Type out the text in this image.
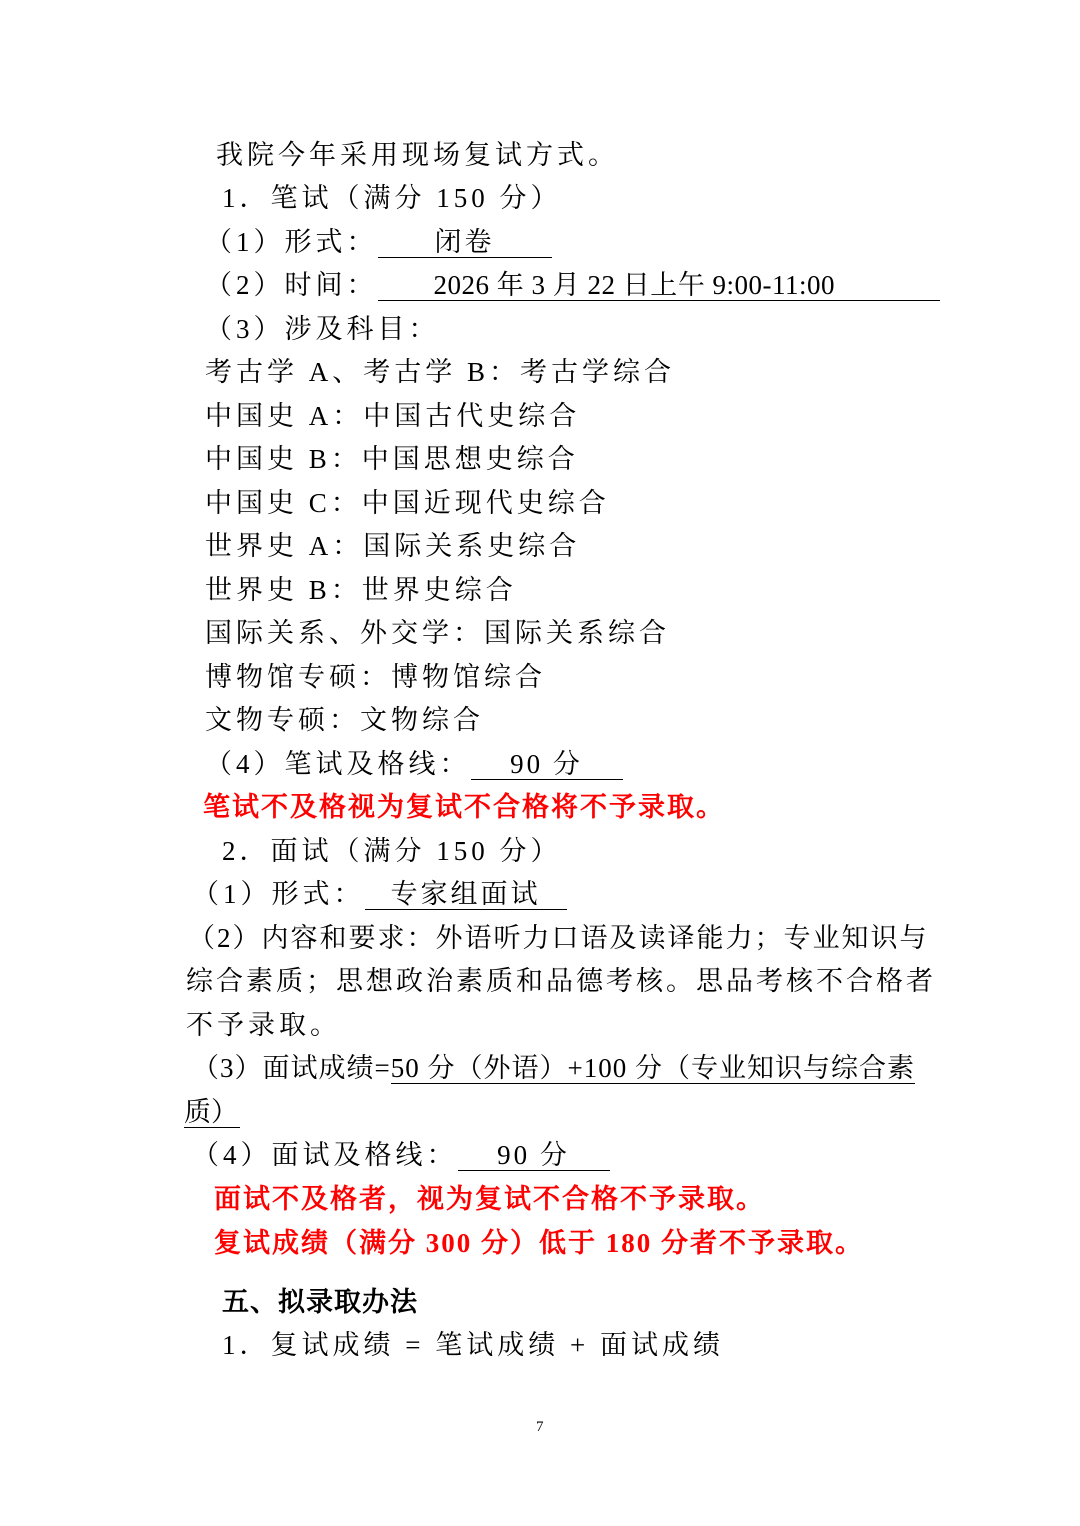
我院今年采用现场复试方式。
1．笔试（满分 150 分）
（1）形式： 闭卷
（2）时间： 2026 年 3 月 22 日上午 9:00-11:00
（3）涉及科目：
考古学 A、考古学 B：考古学综合
中国史 A：中国古代史综合
中国史 B：中国思想史综合
中国史 C：中国近现代史综合
世界史 A：国际关系史综合
世界史 B：世界史综合
国际关系、外交学：国际关系综合
博物馆专硕：博物馆综合
文物专硕：文物综合
（4）笔试及格线： 90 分
笔试不及格视为复试不合格将不予录取。
2．面试（满分 150 分）
（1）形式： 专家组面试
（2）内容和要求：外语听力口语及读译能力；专业知识与
综合素质；思想政治素质和品德考核。思品考核不合格者
不予录取。
（3）面试成绩=50 分（外语）+100 分（专业知识与综合素
质）
（4）面试及格线： 90 分
面试不及格者，视为复试不合格不予录取。
复试成绩（满分 300 分）低于 180 分者不予录取。
五、拟录取办法
1．复试成绩 = 笔试成绩 + 面试成绩
7
